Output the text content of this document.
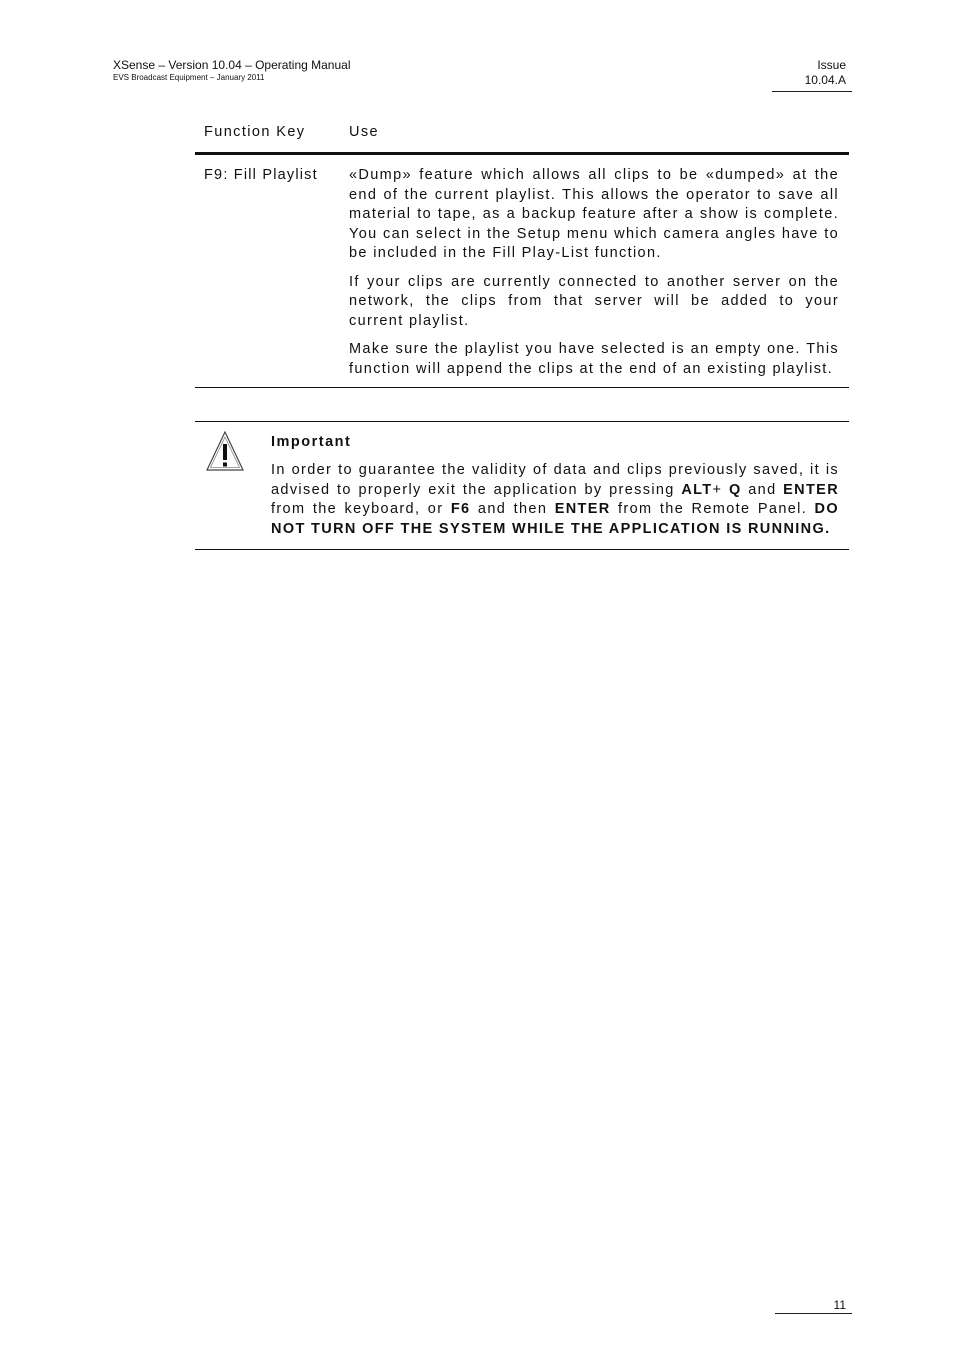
XSense – Version 10.04 – Operating Manual
EVS Broadcast Equipment – January 2011
Issue
10.04.A
Function Key	Use
F9: Fill Playlist	«Dump» feature which allows all clips to be «dumped» at the end of the current playlist. This allows the operator to save all material to tape, as a backup feature after a show is complete. You can select in the Setup menu which camera angles have to be included in the Fill Play-List function.

If your clips are currently connected to another server on the network, the clips from that server will be added to your current playlist.

Make sure the playlist you have selected is an empty one. This function will append the clips at the end of an existing playlist.

Important

In order to guarantee the validity of data and clips previously saved, it is advised to properly exit the application by pressing ALT+ Q and ENTER from the keyboard, or F6 and then ENTER from the Remote Panel. DO NOT TURN OFF THE SYSTEM WHILE THE APPLICATION IS RUNNING.

11
